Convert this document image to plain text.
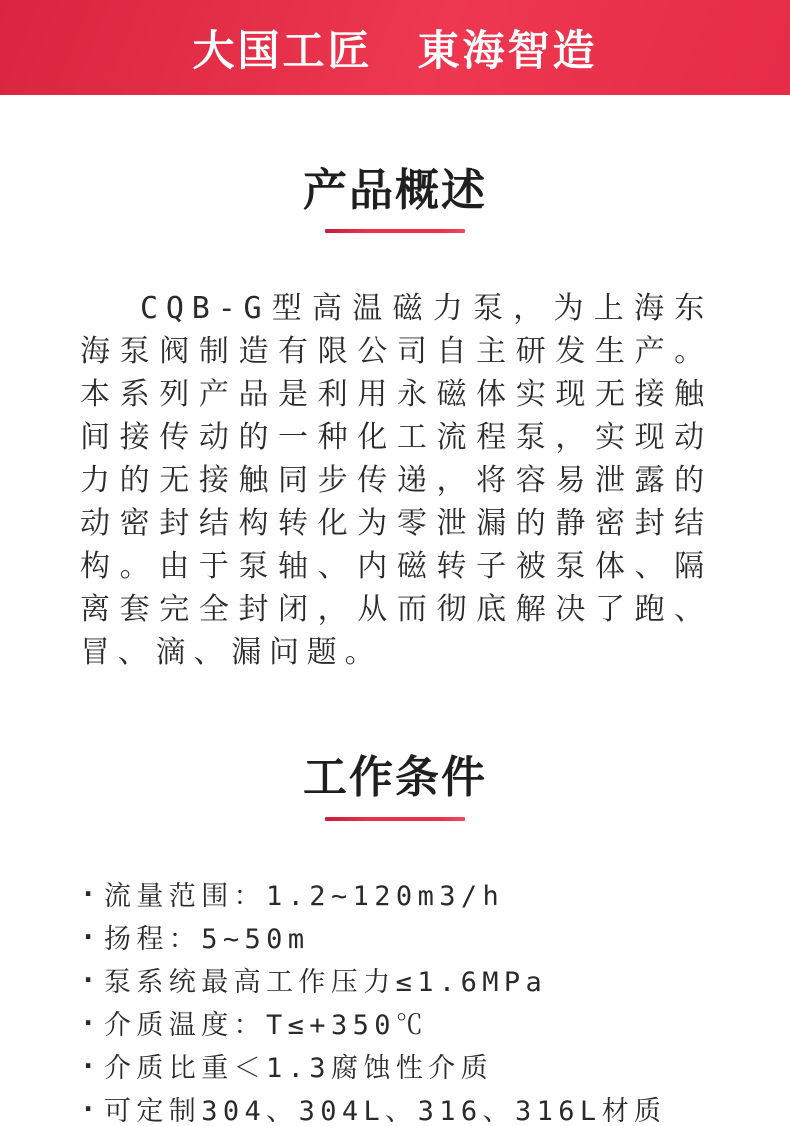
大国工匠　東海智造
产品概述

CQB-G型高温磁力泵，为上海东海泵阀制造有限公司自主研发生产。本系列产品是利用永磁体实现无接触间接传动的一种化工流程泵，实现动力的无接触同步传递，将容易泄露的动密封结构转化为零泄漏的静密封结构。由于泵轴、内磁转子被泵体、隔离套完全封闭，从而彻底解决了跑、冒、滴、漏问题。

工作条件
· 流量范围：1.2~120m3/h
· 扬程：5~50m
· 泵系统最高工作压力≤1.6MPa
· 介质温度：T≤+350℃
· 介质比重＜1.3腐蚀性介质
· 可定制304、304L、316、316L材质
